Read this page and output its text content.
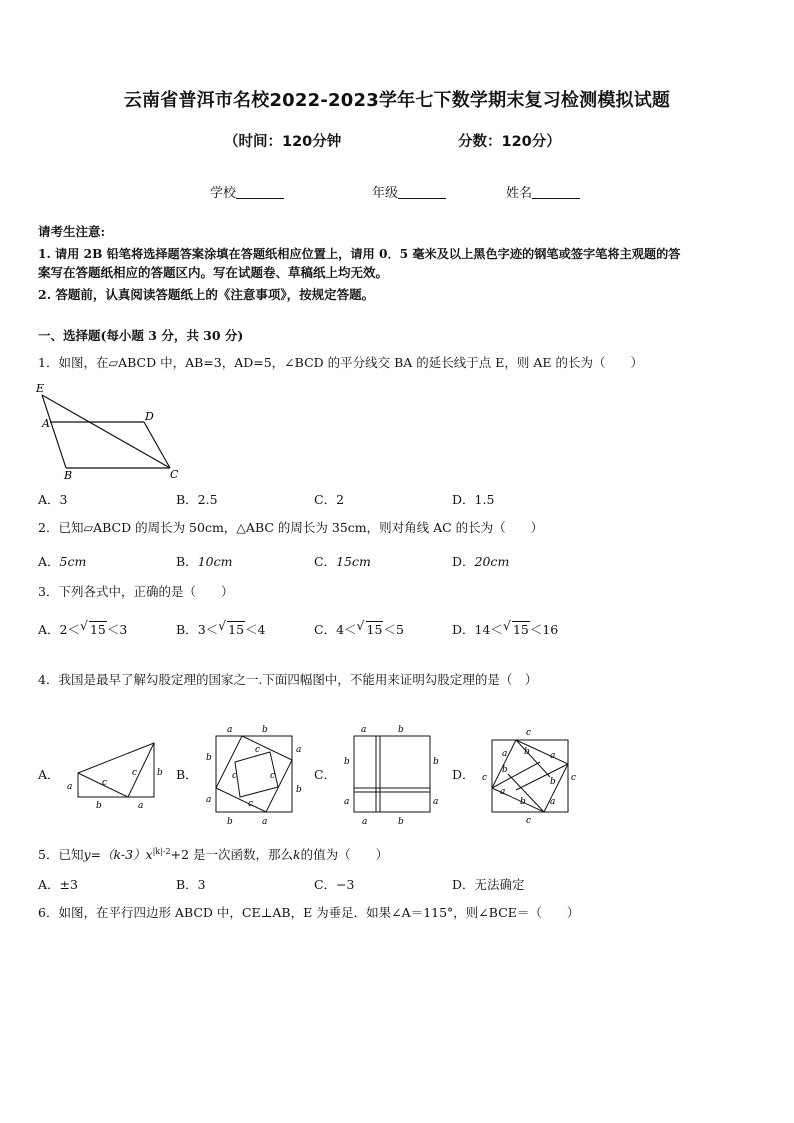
云南省普洱市名校2022-2023学年七下数学期末复习检测模拟试题
（时间：120分钟	分数：120分）
学校	年级	姓名
请考生注意:
1. 请用 2B 铅笔将选择题答案涂填在答题纸相应位置上，请用 0．5 毫米及以上黑色字迹的钢笔或签字笔将主观题的答
案写在答题纸相应的答题区内。写在试题卷、草稿纸上均无效。
2. 答题前，认真阅读答题纸上的《注意事项》，按规定答题。
一、选择题(每小题 3 分，共 30 分)
1．如图，在▱ABCD 中，AB=3，AD=5，∠BCD 的平分线交 BA 的延长线于点 E，则 AE 的长为（　　）
E
D
A
B	C
A．3	B．2.5	C．2	D．1.5
2．已知▱ABCD 的周长为 50cm，△ABC 的周长为 35cm，则对角线 AC 的长为（　　）
A．5cm	B．10cm	C．15cm	D．20cm
3．下列各式中，正确的是（　　）
A．2＜ √ 15＜3	B．3＜ √ 15＜4	C．4＜ √ 15＜5	D．14＜ √ 15＜16
4．我国是最早了解勾股定理的国家之一.下面四幅图中，不能用来证明勾股定理的是（　）
A．	B．	C．	D．
a
b	a
b
c
c
a	b
a
b
a
b
a
b
c	c
c
c
a	b
b	b
a	a
a	b
c
c	c
c
a b a
b
a
b
a
b
5．已知$y=(k-3)x^{|k|-2}+2$ 是一次函数，那么k的值为（　　）
A．±3	B．3	C．−3	D．无法确定
6．如图，在平行四边形 ABCD 中，CE⊥AB，E 为垂足．如果∠A＝115°，则∠BCE＝（　　）
